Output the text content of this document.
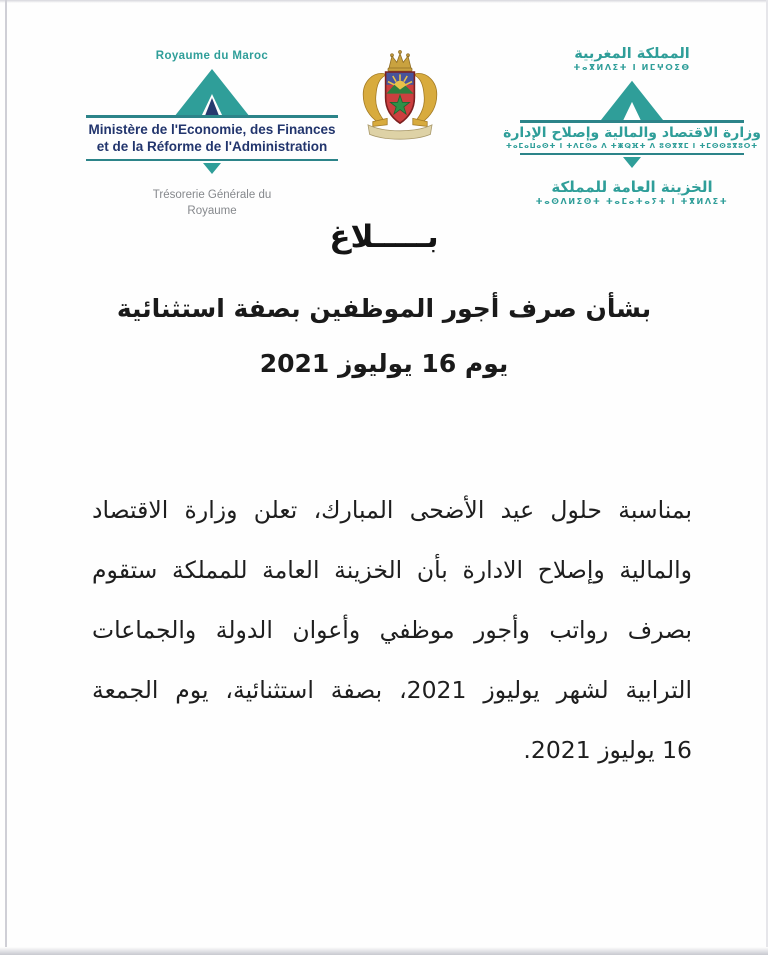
Royaume du Maroc
Ministère de l'Economie, des Finances
et de la Réforme de l'Administration
Trésorerie Générale du
Royaume
المملكة المغربية
ⵜⴰⴳⵍⴷⵉⵜ ⵏ ⵍⵎⵖⵔⵉⴱ
وزارة الاقتصاد والمالية وإصلاح الإدارة
ⵜⴰⵎⴰⵡⴰⵙⵜ ⵏ ⵜⴷⵎⵙⴰ ⴷ ⵜⵥⵕⴼⵜ ⴷ ⵓⵙⴳⴳⵎ ⵏ ⵜⵎⵙⵙⵓⴳⵓⵔⵜ
الخزينة العامة للمملكة
ⵜⴰⵙⴷⵍⵉⵙⵜ ⵜⴰⵎⴰⵜⴰⵢⵜ ⵏ ⵜⴳⵍⴷⵉⵜ
بـــــلاغ
بشأن صرف أجور الموظفين بصفة استثنائية
يوم 16 يوليوز 2021
بمناسبة حلول عيد الأضحى المبارك، تعلن وزارة الاقتصاد
والمالية وإصلاح الادارة بأن الخزينة العامة للمملكة ستقوم
بصرف رواتب وأجور موظفي وأعوان الدولة والجماعات
الترابية لشهر يوليوز 2021، بصفة استثنائية، يوم الجمعة
16 يوليوز 2021.
